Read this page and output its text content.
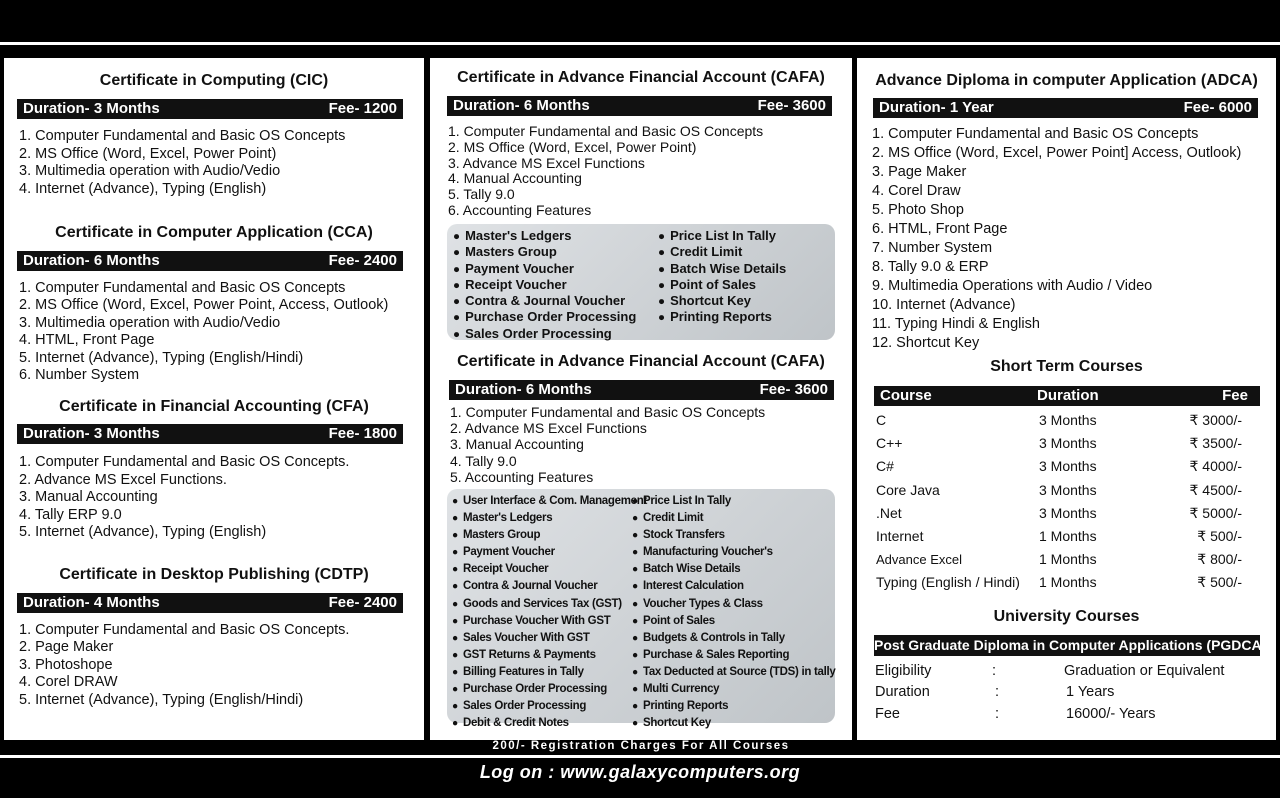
Certificate in Computing (CIC)
Duration- 3 Months	Fee- 1200
1. Computer Fundamental and Basic OS Concepts
2. MS Office (Word, Excel, Power Point)
3. Multimedia operation with Audio/Vedio
4. Internet (Advance), Typing (English)
Certificate in Computer Application (CCA)
Duration- 6 Months	Fee- 2400
1. Computer Fundamental and Basic OS Concepts
2. MS Office (Word, Excel, Power Point, Access, Outlook)
3. Multimedia operation with Audio/Vedio
4. HTML, Front Page
5. Internet (Advance), Typing (English/Hindi)
6. Number System
Certificate in Financial Accounting (CFA)
Duration- 3 Months	Fee- 1800
1. Computer Fundamental and Basic OS Concepts.
2. Advance MS Excel Functions.
3. Manual Accounting
4. Tally ERP 9.0
5. Internet (Advance), Typing (English)
Certificate in Desktop Publishing (CDTP)
Duration- 4 Months	Fee- 2400
1. Computer Fundamental and Basic OS Concepts.
2. Page Maker
3. Photoshope
4. Corel DRAW
5. Internet (Advance), Typing (English/Hindi)
Certificate in Advance Financial Account (CAFA)
Duration- 6 Months	Fee- 3600
1. Computer Fundamental and Basic OS Concepts
2. MS Office (Word, Excel, Power Point)
3. Advance MS Excel Functions
4. Manual Accounting
5. Tally 9.0
6. Accounting Features
● Master's Ledgers
● Masters Group
● Payment Voucher
● Receipt Voucher
● Contra & Journal Voucher
● Purchase Order Processing
● Sales Order Processing
● Price List In Tally
● Credit Limit
● Batch Wise Details
● Point of Sales
● Shortcut Key
● Printing Reports
Certificate in Advance Financial Account (CAFA)
Duration- 6 Months	Fee- 3600
1. Computer Fundamental and Basic OS Concepts
2. Advance MS Excel Functions
3. Manual Accounting
4. Tally 9.0
5. Accounting Features
● User Interface & Com. Management
● Master's Ledgers
● Masters Group
● Payment Voucher
● Receipt Voucher
● Contra & Journal Voucher
● Goods and Services Tax (GST)
● Purchase Voucher With GST
● Sales Voucher With GST
● GST Returns & Payments
● Billing Features in Tally
● Purchase Order Processing
● Sales Order Processing
● Debit & Credit Notes
● Price List In Tally
● Credit Limit
● Stock Transfers
● Manufacturing Voucher's
● Batch Wise Details
● Interest Calculation
● Voucher Types & Class
● Point of Sales
● Budgets & Controls in Tally
● Purchase & Sales Reporting
● Tax Deducted at Source (TDS) in tally
● Multi Currency
● Printing Reports
● Shortcut Key
Advance Diploma in computer Application (ADCA)
Duration- 1 Year	Fee- 6000
1. Computer Fundamental and Basic OS Concepts
2. MS Office (Word, Excel, Power Point] Access, Outlook)
3. Page Maker
4. Corel Draw
5. Photo Shop
6. HTML, Front Page
7. Number System
8. Tally 9.0 & ERP
9. Multimedia Operations with Audio / Video
10. Internet (Advance)
11. Typing Hindi & English
12. Shortcut Key
Short Term Courses
Course	Duration	Fee
C	3 Months	₹ 3000/-
C++	3 Months	₹ 3500/-
C#	3 Months	₹ 4000/-
Core Java	3 Months	₹ 4500/-
.Net	3 Months	₹ 5000/-
Internet	1 Months	₹ 500/-
Advance Excel	1 Months	₹ 800/-
Typing (English / Hindi) 1 Months	₹ 500/-
University Courses
Post Graduate Diploma in Computer Applications (PGDCA)
Eligibility	:	Graduation or Equivalent
Duration	:	1 Years
Fee	:	16000/- Years
200/- Registration Charges For All Courses
Log on : www.galaxycomputers.org
